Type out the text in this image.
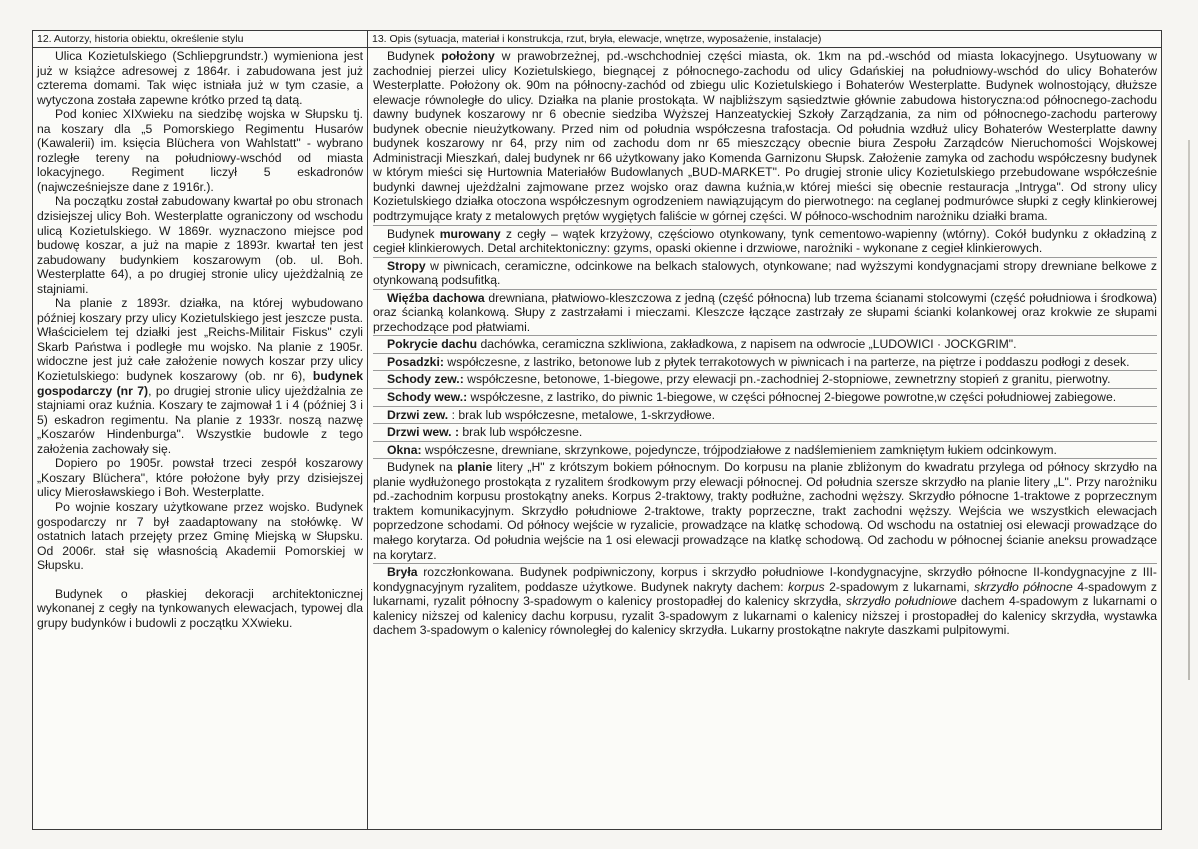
12. Autorzy, historia obiektu, określenie stylu	13. Opis (sytuacja, materiał i konstrukcja, rzut, bryła, elewacje, wnętrze, wyposażenie, instalacje)

Ulica Kozietulskiego (Schliepgrundstr.) wymieniona jest już w książce adresowej z 1864r. i zabudowana jest już czterema domami. Tak więc istniała już w tym czasie, a wytyczona została zapewne krótko przed tą datą.

Pod koniec XIXwieku na siedzibę wojska w Słupsku tj. na koszary dla „5 Pomorskiego Regimentu Husarów (Kawalerii) im. księcia Blüchera von Wahlstatt" - wybrano rozległe tereny na południowy-wschód od miasta lokacyjnego. Regiment liczył 5 eskadronów (najwcześniejsze dane z 1916r.).

Na początku został zabudowany kwartał po obu stronach dzisiejszej ulicy Boh. Westerplatte ograniczony od wschodu ulicą Kozietulskiego. W 1869r. wyznaczono miejsce pod budowę koszar, a już na mapie z 1893r. kwartał ten jest zabudowany budynkiem koszarowym (ob. ul. Boh. Westerplatte 64), a po drugiej stronie ulicy ujeżdżalnią ze stajniami.

Na planie z 1893r. działka, na której wybudowano później koszary przy ulicy Kozietulskiego jest jeszcze pusta. Właścicielem tej działki jest „Reichs-Militair Fiskus" czyli Skarb Państwa i podległe mu wojsko. Na planie z 1905r. widoczne jest już całe założenie nowych koszar przy ulicy Kozietulskiego: budynek koszarowy (ob. nr 6), budynek gospodarczy (nr 7), po drugiej stronie ulicy ujeżdżalnia ze stajniami oraz kuźnia. Koszary te zajmował 1 i 4 (później 3 i 5) eskadron regimentu. Na planie z 1933r. noszą nazwę „Koszarów Hindenburga". Wszystkie budowle z tego założenia zachowały się.

Dopiero po 1905r. powstał trzeci zespół koszarowy „Koszary Blüchera", które położone były przy dzisiejszej ulicy Mierosławskiego i Boh. Westerplatte.

Po wojnie koszary użytkowane przez wojsko. Budynek gospodarczy nr 7 był zaadaptowany na stołówkę. W ostatnich latach przejęty przez Gminę Miejską w Słupsku. Od 2006r. stał się własnością Akademii Pomorskiej w Słupsku.

Budynek o płaskiej dekoracji architektonicznej wykonanej z cegły na tynkowanych elewacjach, typowej dla grupy budynków i budowli z początku XXwieku.

Budynek położony w prawobrzeżnej, pd.-wschchodniej części miasta, ok. 1km na pd.-wschód od miasta lokacyjnego. Usytuowany w zachodniej pierzei ulicy Kozietulskiego, biegnącej z północnego-zachodu od ulicy Gdańskiej na południowy-wschód do ulicy Bohaterów Westerplatte. Położony ok. 90m na północny-zachód od zbiegu ulic Kozietulskiego i Bohaterów Westerplatte. Budynek wolnostojący, dłuższe elewacje równoległe do ulicy. Działka na planie prostokąta. W najbliższym sąsiedztwie głównie zabudowa historyczna:od północnego-zachodu dawny budynek koszarowy nr 6 obecnie siedziba Wyższej Hanzeatyckiej Szkoły Zarządzania, za nim od północnego-zachodu parterowy budynek obecnie nieużytkowany. Przed nim od południa współczesna trafostacja. Od południa wzdłuż ulicy Bohaterów Westerplatte dawny budynek koszarowy nr 64, przy nim od zachodu dom nr 65 mieszczący obecnie biura Zespołu Zarządców Nieruchomości Wojskowej Administracji Mieszkań, dalej budynek nr 66 użytkowany jako Komenda Garnizonu Słupsk. Założenie zamyka od zachodu współczesny budynek w którym mieści się Hurtownia Materiałów Budowlanych „BUD-MARKET". Po drugiej stronie ulicy Kozietulskiego przebudowane współcześnie budynki dawnej ujeżdżalni zajmowane przez wojsko oraz dawna kuźnia,w której mieści się obecnie restauracja „Intryga". Od strony ulicy Kozietulskiego działka otoczona współczesnym ogrodzeniem nawiązującym do pierwotnego: na ceglanej podmurówce słupki z cegły klinkierowej podtrzymujące kraty z metalowych prętów wygiętych faliście w górnej części. W północo-wschodnim narożniku działki brama.

Budynek murowany z cegły – wątek krzyżowy, częściowo otynkowany, tynk cementowo-wapienny (wtórny). Cokół budynku z okładziną z cegieł klinkierowych. Detal architektoniczny: gzyms, opaski okienne i drzwiowe, narożniki - wykonane z cegieł klinkierowych.

Stropy w piwnicach, ceramiczne, odcinkowe na belkach stalowych, otynkowane; nad wyższymi kondygnacjami stropy drewniane belkowe z otynkowaną podsufitką.

Więźba dachowa drewniana, płatwiowo-kleszczowa z jedną (część północna) lub trzema ścianami stolcowymi (część południowa i środkowa) oraz ścianką kolankową. Słupy z zastrzałami i mieczami. Kleszcze łączące zastrzały ze słupami ścianki kolankowej oraz krokwie ze słupami przechodzące pod płatwiami.

Pokrycie dachu dachówka, ceramiczna szkliwiona, zakładkowa, z napisem na odwrocie „LUDOWICI · JOCKGRIM".

Posadzki: współczesne, z lastriko, betonowe lub z płytek terrakotowych w piwnicach i na parterze, na piętrze i poddaszu podłogi z desek.

Schody zew.: współczesne, betonowe, 1-biegowe, przy elewacji pn.-zachodniej 2-stopniowe, zewnetrzny stopień z granitu, pierwotny.

Schody wew.: współczesne, z lastriko, do piwnic 1-biegowe, w części północnej 2-biegowe powrotne,w części południowej zabiegowe.

Drzwi zew. : brak lub współczesne, metalowe, 1-skrzydłowe.

Drzwi wew. : brak lub współczesne.

Okna: współczesne, drewniane, skrzynkowe, pojedyncze, trójpodziałowe z nadślemieniem zamkniętym łukiem odcinkowym.

Budynek na planie litery „H" z krótszym bokiem północnym. Do korpusu na planie zbliżonym do kwadratu przylega od północy skrzydło na planie wydłużonego prostokąta z ryzalitem środkowym przy elewacji północnej. Od południa szersze skrzydło na planie litery „L". Przy narożniku pd.-zachodnim korpusu prostokątny aneks. Korpus 2-traktowy, trakty podłużne, zachodni węższy. Skrzydło północne 1-traktowe z poprzecznym traktem komunikacyjnym. Skrzydło południowe 2-traktowe, trakty poprzeczne, trakt zachodni węższy. Wejścia we wszystkich elewacjach poprzedzone schodami. Od północy wejście w ryzalicie, prowadzące na klatkę schodową. Od wschodu na ostatniej osi elewacji prowadzące do małego korytarza. Od południa wejście na 1 osi elewacji prowadzące na klatkę schodową. Od zachodu w północnej ścianie aneksu prowadzące na korytarz.

Bryła rozczłonkowana. Budynek podpiwniczony, korpus i skrzydło południowe I-kondygnacyjne, skrzydło północne II-kondygnacyjne z III-kondygnacyjnym ryzalitem, poddasze użytkowe. Budynek nakryty dachem: korpus 2-spadowym z lukarnami, skrzydło północne 4-spadowym z lukarnami, ryzalit północny 3-spadowym o kalenicy prostopadłej do kalenicy skrzydła, skrzydło południowe dachem 4-spadowym z lukarnami o kalenicy niższej od kalenicy dachu korpusu, ryzalit 3-spadowym z lukarnami o kalenicy niższej i prostopadłej do kalenicy skrzydła, wystawka dachem 3-spadowym o kalenicy równoległej do kalenicy skrzydła. Lukarny prostokątne nakryte daszkami pulpitowymi.
